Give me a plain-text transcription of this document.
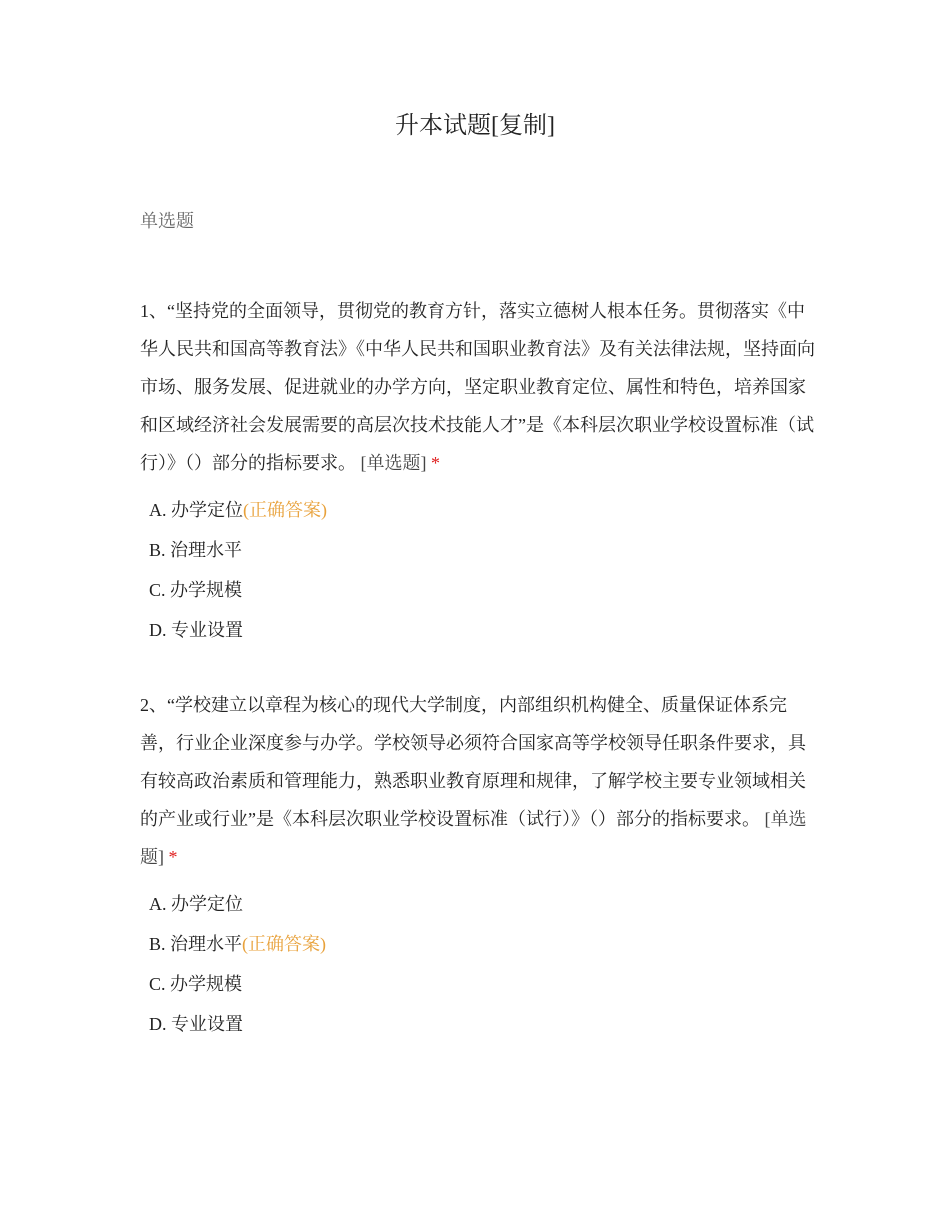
升本试题[复制]
单选题
1、“坚持党的全面领导，贯彻党的教育方针，落实立德树人根本任务。贯彻落实《中华人民共和国高等教育法》《中华人民共和国职业教育法》及有关法律法规，坚持面向市场、服务发展、促进就业的办学方向，坚定职业教育定位、属性和特色，培养国家和区域经济社会发展需要的高层次技术技能人才”是《本科层次职业学校设置标准（试行）》（）部分的指标要求。 [单选题] *
A. 办学定位(正确答案)
B. 治理水平
C. 办学规模
D. 专业设置
2、“学校建立以章程为核心的现代大学制度，内部组织机构健全、质量保证体系完善，行业企业深度参与办学。学校领导必须符合国家高等学校领导任职条件要求，具有较高政治素质和管理能力，熟悉职业教育原理和规律，了解学校主要专业领域相关的产业或行业”是《本科层次职业学校设置标准（试行）》（）部分的指标要求。 [单选题] *
A. 办学定位
B. 治理水平(正确答案)
C. 办学规模
D. 专业设置
